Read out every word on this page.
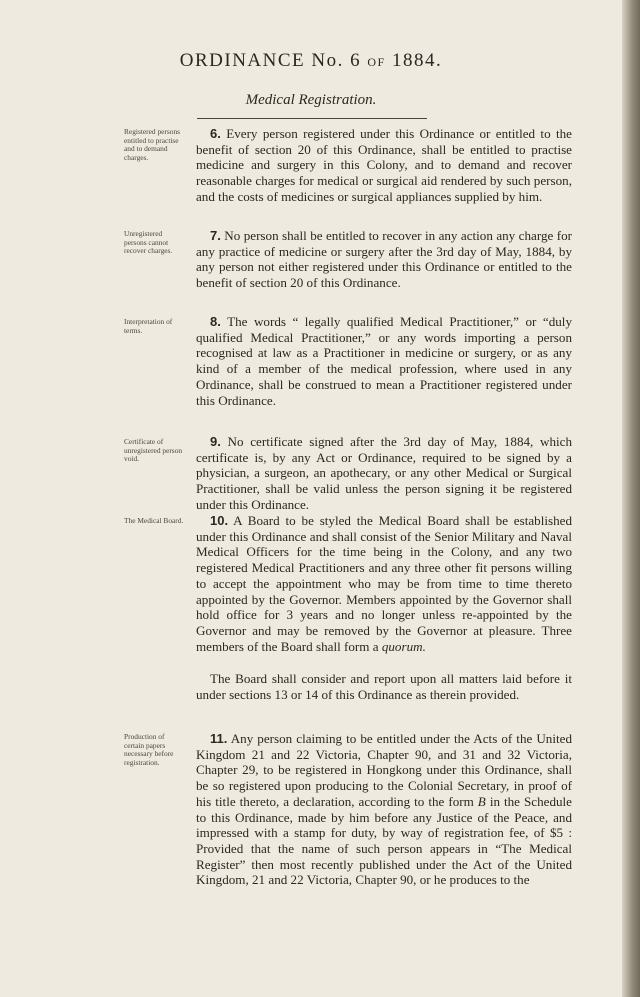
ORDINANCE No. 6 of 1884.
Medical Registration.
Registered persons entitled to practise and to demand charges.
Unregistered persons cannot recover charges.
Interpretation of terms.
Certificate of unregistered person void.
The Medical Board.
Production of certain papers necessary before registration.

6. Every person registered under this Ordinance or entitled to the benefit of section 20 of this Ordinance, shall be entitled to practise medicine and surgery in this Colony, and to demand and recover reasonable charges for medical or surgical aid rendered by such person, and the costs of medicines or surgical appliances supplied by him.

7. No person shall be entitled to recover in any action any charge for any practice of medicine or surgery after the 3rd day of May, 1884, by any person not either registered under this Ordinance or entitled to the benefit of section 20 of this Ordinance.

8. The words “ legally qualified Medical Practitioner,” or “duly qualified Medical Practitioner,” or any words importing a person recognised at law as a Practitioner in medicine or surgery, or as any kind of a member of the medical profession, where used in any Ordinance, shall be construed to mean a Practitioner registered under this Ordinance.

9. No certificate signed after the 3rd day of May, 1884, which certificate is, by any Act or Ordinance, required to be signed by a physician, a surgeon, an apothecary, or any other Medical or Surgical Practitioner, shall be valid unless the person signing it be registered under this Ordinance.

10. A Board to be styled the Medical Board shall be established under this Ordinance and shall consist of the Senior Military and Naval Medical Officers for the time being in the Colony, and any two registered Medical Practitioners and any three other fit persons willing to accept the appointment who may be from time to time thereto appointed by the Governor. Members appointed by the Governor shall hold office for 3 years and no longer unless re-appointed by the Governor and may be removed by the Governor at pleasure. Three members of the Board shall form a quorum.

The Board shall consider and report upon all matters laid before it under sections 13 or 14 of this Ordinance as therein provided.

11. Any person claiming to be entitled under the Acts of the United Kingdom 21 and 22 Victoria, Chapter 90, and 31 and 32 Victoria, Chapter 29, to be registered in Hongkong under this Ordinance, shall be so registered upon producing to the Colonial Secretary, in proof of his title thereto, a declaration, according to the form B in the Schedule to this Ordinance, made by him before any Justice of the Peace, and impressed with a stamp for duty, by way of registration fee, of $5 : Provided that the name of such person appears in “The Medical Register” then most recently published under the Act of the United Kingdom, 21 and 22 Victoria, Chapter 90, or he produces to the
